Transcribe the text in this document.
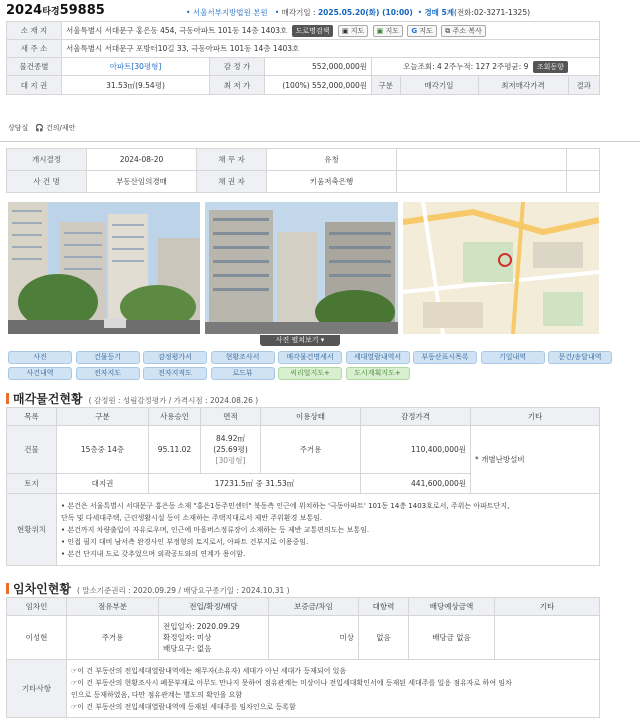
2024타경59885	• 서울서부지방법원 본원 • 매각기일 : 2025.05.20(화) (10:00) • 경매 5계(전화:02-3271-1325)
소 재 지	서울특별시 서대문구 홍은동 454, 극동아파트 101동 14층 1403호 도로명검색 ▣ 지도 ▣ 지도 G 지도 ⧉ 주소 복사
새 주 소	서울특별시 서대문구 포방터10길 33, 극동아파트 101동 14층 1403호
물건종별	아파트[30평형]	감 정 가	552,000,000원	오늘조회: 4 2주누적: 127 2주평균: 9 조회동향
대 지 권	31.53㎡(9.54평)	최 저 가	(100%) 552,000,000원	구분	매각기일	최저매각가격	결과
상담실 🎧 건의/제안
개시결정	2024-08-20	채 무 자	유청		
사 건 명	부동산임의경매	채 권 자	키움저축은행		
사진 펼쳐보기 ▾
사진	건물등기	감정평가서	현황조사서	매각물건명세서	세대열람내역서	부동산표시목록	기일내역	문건/송달내역
사건내역	전자지도	전자지적도	로드뷰	씨리얼지도+	도시계획지도+
매각물건현황 ( 감정원 : 성림감정평가 / 가격시점 : 2024.08.26 )
목록	구분	사용승인	면적	이용상태	감정가격	기타
건물	15층중 14층	95.11.02	84.92㎡
(25.69평)
[30평형]	주거용	110,400,000원	* 개별난방설비
토지	대지권	17231.5㎡ 중 31.53㎡			441,600,000원	
현황위치	• 본건은 서울특별시 서대문구 홍은동 소재 "홍은1동주민센터" 북동측 인근에 위치하는 '극동아파트' 101동 14층 1403호로서, 주위는 아파트단지,
단독 및 다세대주택, 근린생활시설 등이 소재하는 주택지대로서 제반 주위환경 보통임.
• 본건까지 차량출입이 자유로우며, 인근에 마을버스정류장이 소재하는 등 제반 교통편의도는 보통임.
• 인접 필지 대비 남서측 완경사인 부정형의 토지로서, 아파트 건부지로 이용중임.
• 본건 단지내 도로 갖추었으며 외곽공도와의 연계가 용이함.					
임차인현황 ( 말소기준권리 : 2020.09.29 / 배당요구종기일 : 2024.10.31 )
임차인	점유부분	전입/확정/배당	보증금/차임	대항력	배당예상금액	기타
이성현	주거용	전입일자: 2020.09.29
확정일자: 미상
배당요구: 없음	미상	없음	배당금 없음	
기타사항	☞이 건 부동산의 전입세대열람내역에는 채무자(소유자) 세대가 아닌 세대가 등재되어 있음
☞이 건 부동산의 현황조사시 폐문부재로 아무도 만나지 못하여 점유관계는 미상이나 전입세대확인서에 등재된 세대주를 일응 점유자로 하여 임차
인으로 등재하였음, 다만 점유관계는 별도의 확인을 요함
☞이 건 부동산의 전입세대열람내역에 등재된 세대주를 임차인으로 등록함					
